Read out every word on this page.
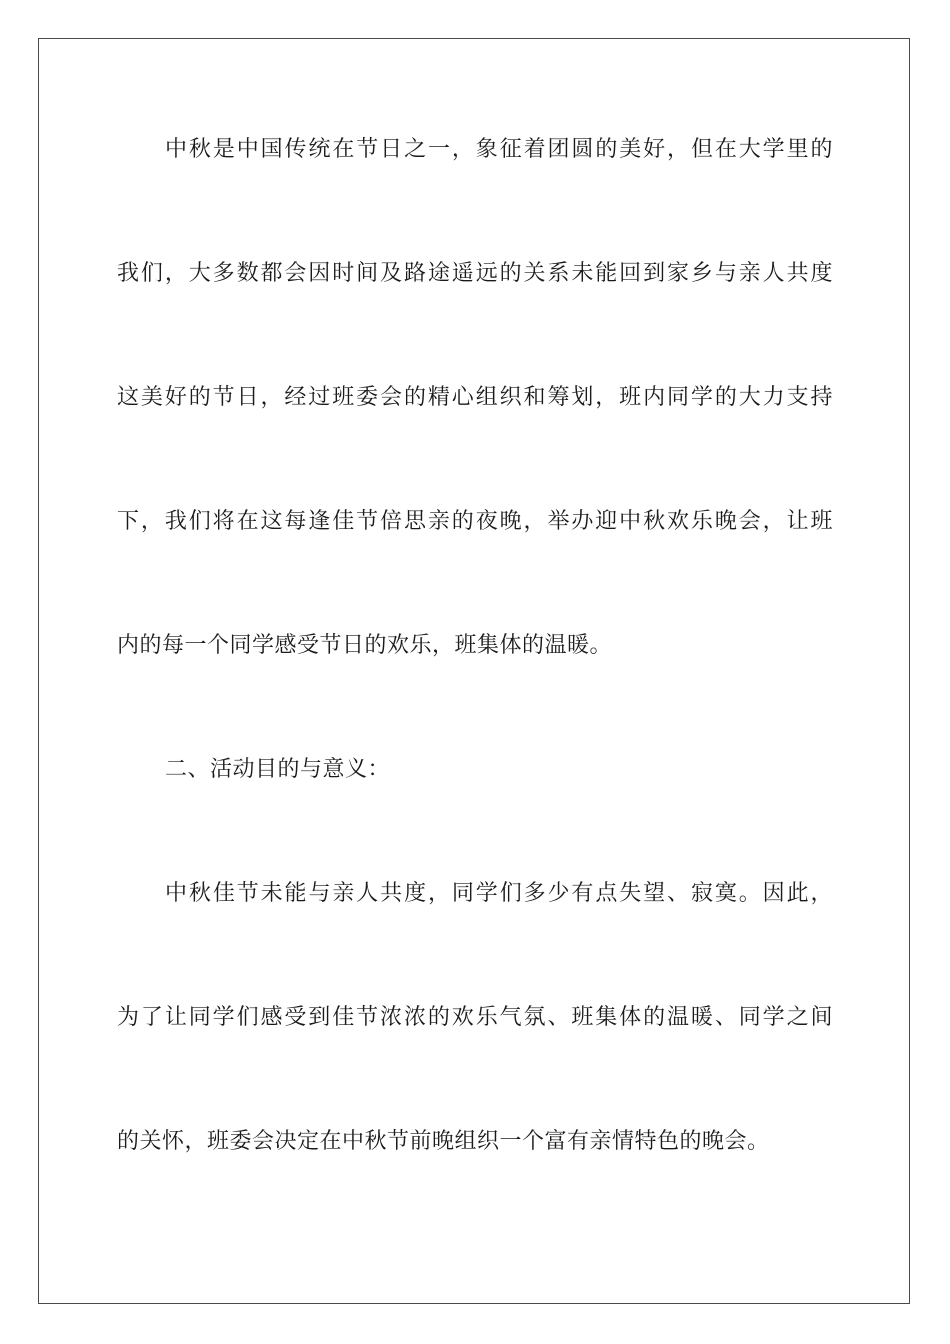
中秋是中国传统在节日之一，象征着团圆的美好，但在大学里的
我们，大多数都会因时间及路途遥远的关系未能回到家乡与亲人共度
这美好的节日，经过班委会的精心组织和筹划，班内同学的大力支持
下，我们将在这每逢佳节倍思亲的夜晚，举办迎中秋欢乐晚会，让班
内的每一个同学感受节日的欢乐，班集体的温暖。
二、活动目的与意义：
中秋佳节未能与亲人共度，同学们多少有点失望、寂寞。因此，
为了让同学们感受到佳节浓浓的欢乐气氛、班集体的温暖、同学之间
的关怀，班委会决定在中秋节前晚组织一个富有亲情特色的晚会。
